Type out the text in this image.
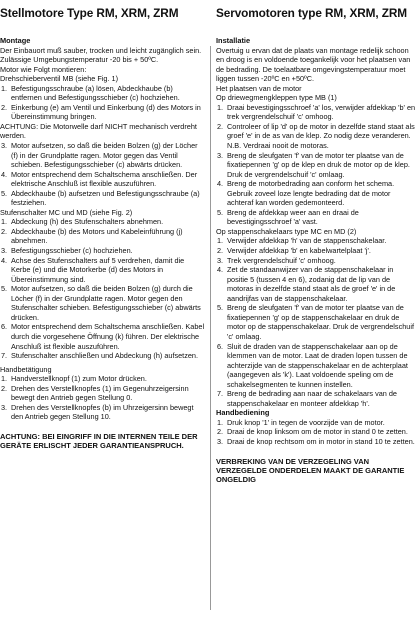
Stellmotore Type RM, XRM, ZRM
Montage

Der Einbauort muß sauber, trocken und leicht zugänglich sein. Zulässige Umgebungstemperatur -20 bis + 50ºC.

Motor wie Folgt montieren:

Drehschieberventil MB (siehe Fig. 1)

1. Befestigungsschraube (a) lösen, Abdeckhaube (b) entfernen und Befestigungsschieber (c) hochziehen.
2. Einkerbung (e) am Ventil und Einkerbung (d) des Motors in Übereinstimmung bringen.

ACHTUNG: Die Motorwelle darf NICHT mechanisch verdreht werden.

3. Motor aufsetzen, so daß die beiden Bolzen (g) der Löcher (f) in der Grundplatte ragen. Motor gegen das Ventil schieben. Befestigungsschieber (c) abwärts drücken.
4. Motor entsprechend dem Schaltschema anschließen. Der elektrische Anschluß ist flexible auszuführen.
5. Abdeckhaube (b) aufsetzen und Befestigungsschraube (a) festziehen.

Stufenschalter MC und MD (siehe Fig. 2)

1. Abdeckung (h) des Stufenschalters abnehmen.
2. Abdeckhaube (b) des Motors und Kabeleinführung (j) abnehmen.
3. Befestigungsschieber (c) hochziehen.
4. Achse des Stufenschalters auf 5 verdrehen, damit die Kerbe (e) und die Motorkerbe (d) des Motors in Übereinstimmung sind.
5. Motor aufsetzen, so daß die beiden Bolzen (g) durch die Löcher (f) in der Grundplatte ragen. Motor gegen den Stufenschalter schieben. Befestigungsschieber (c) abwärts drücken.
6. Motor entsprechend dem Schaltschema anschließen. Kabel durch die vorgesehene Öffnung (k) führen. Der elektrische Anschluß ist flexible auszuführen.
7. Stufenschalter anschließen und Abdeckung (h) aufsetzen.

Handbetätigung

1. Handverstellknopf (1) zum Motor drücken.
2. Drehen des Verstellknopfes (1) im Gegenuhrzeigersinn bewegt den Antrieb gegen Stellung 0.
3. Drehen des Verstellknopfes (b) im Uhrzeigersinn bewegt den Antrieb gegen Stellung 10.

ACHTUNG: BEI EINGRIFF IN DIE INTERNEN TEILE DER GERÄTE ERLISCHT JEDER GARANTIEANSPRUCH.

Servomotoren type RM, XRM, ZRM
Installatie

Overtuig u ervan dat de plaats van montage redelijk schoon en droog is en voldoende toegankelijk voor het plaatsen van de bedrading. De toelaatbare omgevingstemperatuur moet liggen tussen -20ºC en +50ºC.

Het plaatsen van de motor

Op driewegmengkleppen type MB (1)

1. Draai bevestigingsschroef 'a' los, verwijder afdekkap 'b' en trek vergrendelschuif 'c' omhoog.
2. Controleer of lip 'd' op de motor in dezelfde stand staat als groef 'e' in de as van de klep. Zo nodig deze veranderen. N.B. Verdraai nooit de motoras.
3. Breng de sleufgaten 'f' van de motor ter plaatse van de fixatiepennen 'g' op de klep en druk de motor op de klep. Druk de vergrendelschuif 'c' omlaag.
4. Breng de motorbedrading aan conform het schema. Gebruik zoveel loze lengte bedrading dat de motor achteraf kan worden gedemonteerd.
5. Breng de afdekkap weer aan en draai de bevestigingsschroef 'a' vast.

Op stappenschakelaars type MC en MD (2)

1. Verwijder afdekkap 'h' van de stappenschakelaar.
2. Verwijder afdekkap 'b' en kabelwartelplaat 'j'.
3. Trek vergrendelschuif 'c' omhoog.
4. Zet de standaanwijzer van de stappenschakelaar in positie 5 (tussen 4 en 6), zodanig dat de lip van de motoras in dezelfde stand staat als de groef 'e' in de aandrijfas van de stappenschakelaar.
5. Breng de sleufgaten 'f' van de motor ter plaatse van de fixatiepennen 'g' op de stappenschakelaar en druk de motor op de stappenschakelaar. Druk de vergrendelschuif 'c' omlaag.
6. Sluit de draden van de stappenschakelaar aan op de klemmen van de motor. Laat de draden lopen tussen de achterzijde van de stappenschakelaar en de achterplaat (aangegeven als 'k'). Laat voldoende speling om de schakelsegmenten te kunnen instellen.
7. Breng de bedrading aan naar de schakelaars van de stappenschakelaar en monteer afdekkap 'h'.
Handbediening
1. Druk knop '1' in tegen de voorzijde van de motor.
2. Draai de knop linksom om de motor in stand 0 te zetten.
3. Draai de knop rechtsom om in motor in stand 10 te zetten.

VERBREKING VAN DE VERZEGELING VAN VERZEGELDE ONDERDELEN MAAKT DE GARANTIE ONGELDIG
